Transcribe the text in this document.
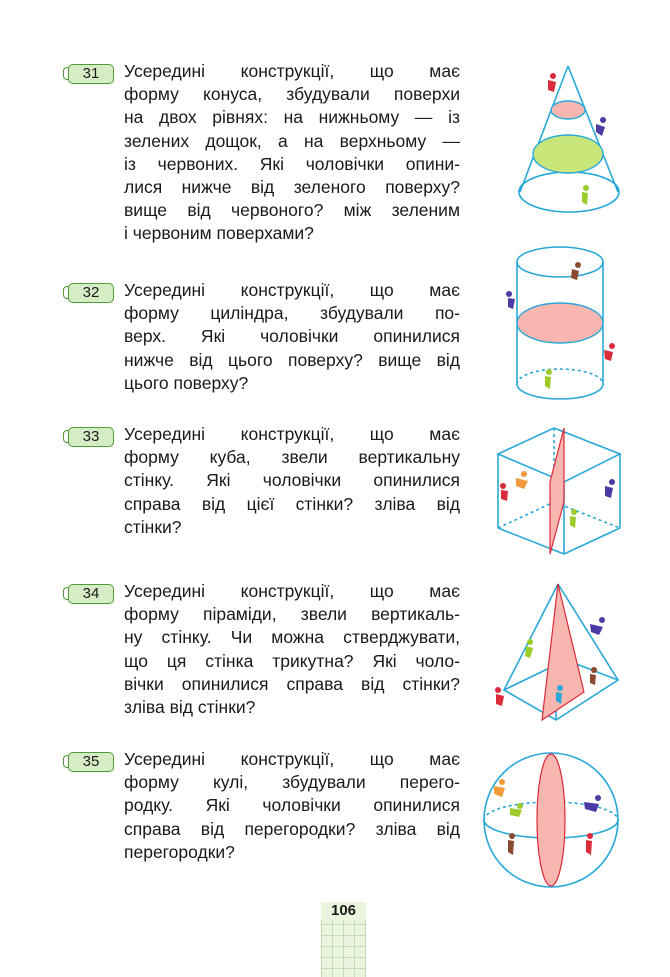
31	Усередині конструкції, що має
форму конуса, збудували поверхи
на двох рівнях: на нижньому — із
зелених дощок, а на верхньому —
із червоних. Які чоловічки опини-
лися нижче від зеленого поверху?
вище від червоного? між зеленим
і червоним поверхами?
32	Усередині конструкції, що має
форму циліндра, збудували по-
верх. Які чоловічки опинилися
нижче від цього поверху? вище від
цього поверху?
33	Усередині конструкції, що має
форму куба, звели вертикальну
стінку. Які чоловічки опинилися
справа від цієї стінки? зліва від
стінки?
34	Усередині конструкції, що має
форму піраміди, звели вертикаль-
ну стінку. Чи можна стверджувати,
що ця стінка трикутна? Які чоло-
вічки опинилися справа від стінки?
зліва від стінки?
35	Усередині конструкції, що має
форму кулі, збудували перего-
родку. Які чоловічки опинилися
справа від перегородки? зліва від
перегородки?
106
